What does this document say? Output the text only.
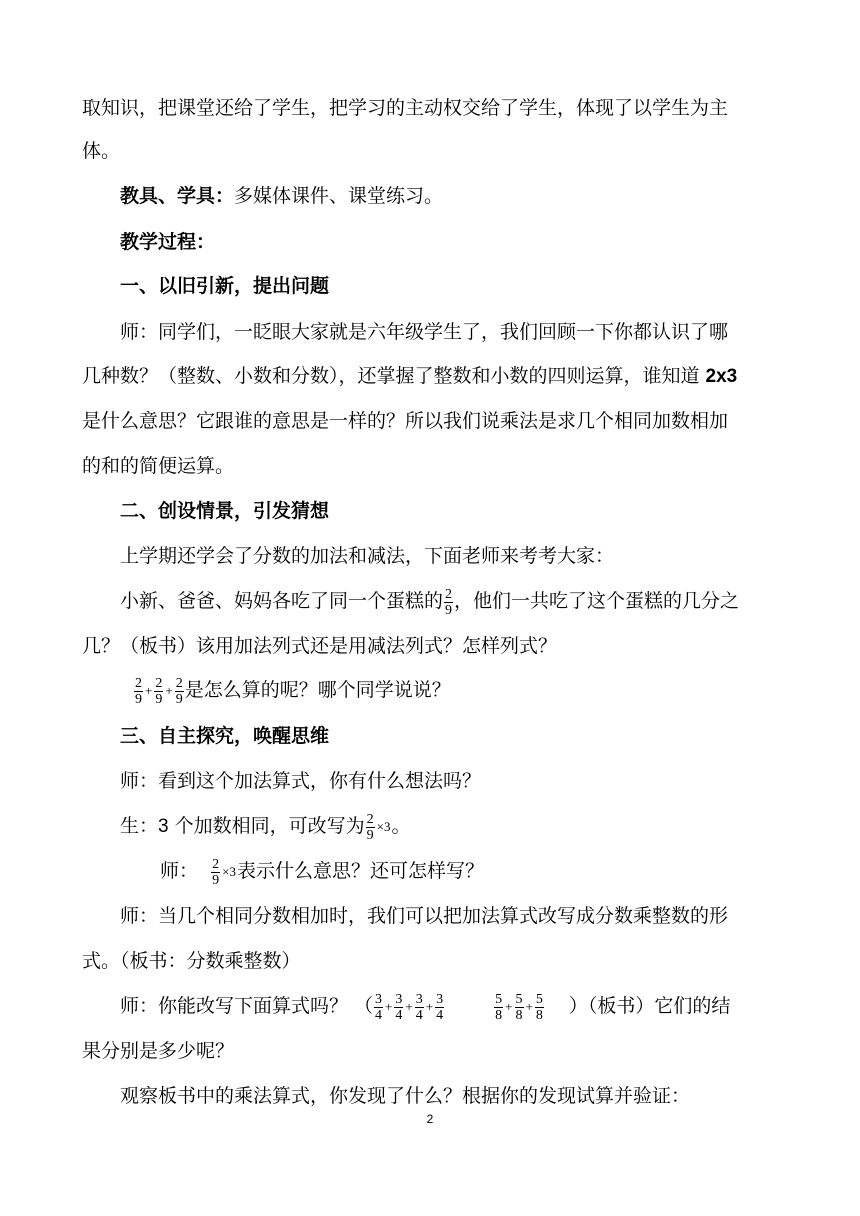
取知识，把课堂还给了学生，把学习的主动权交给了学生，体现了以学生为主
体。
教具、学具：多媒体课件、课堂练习。
教学过程：
一、以旧引新，提出问题
师：同学们，一眨眼大家就是六年级学生了，我们回顾一下你都认识了哪
几种数？（整数、小数和分数），还掌握了整数和小数的四则运算，谁知道 2x3
是什么意思？它跟谁的意思是一样的？所以我们说乘法是求几个相同加数相加
的和的简便运算。
二、创设情景，引发猜想
上学期还学会了分数的加法和减法，下面老师来考考大家：
小新、爸爸、妈妈各吃了同一个蛋糕的 $\frac{2}{9}$ ，他们一共吃了这个蛋糕的几分之
几？（板书）该用加法列式还是用减法列式？怎样列式？
$\frac{2}{9} + \frac{2}{9} + \frac{2}{9}$ 是怎么算的呢？哪个同学说说？
三、自主探究，唤醒思维
师：看到这个加法算式，你有什么想法吗？
生：3 个加数相同，可改写为 $\frac{2}{9} \times 3$。
师： $\frac{2}{9} \times 3$表示什么意思？还可怎样写？
师：当几个相同分数相加时，我们可以把加法算式改写成分数乘整数的形
式。（板书：分数乘整数）
师：你能改写下面算式吗？ （ $\frac{3}{4} + \frac{3}{4} + \frac{3}{4} + \frac{3}{4}$
	$\frac{5}{8} + \frac{5}{8} + \frac{5}{8}$ ）（板书）它们的结
果分别是多少呢？
观察板书中的乘法算式，你发现了什么？根据你的发现试算并验证：
2
